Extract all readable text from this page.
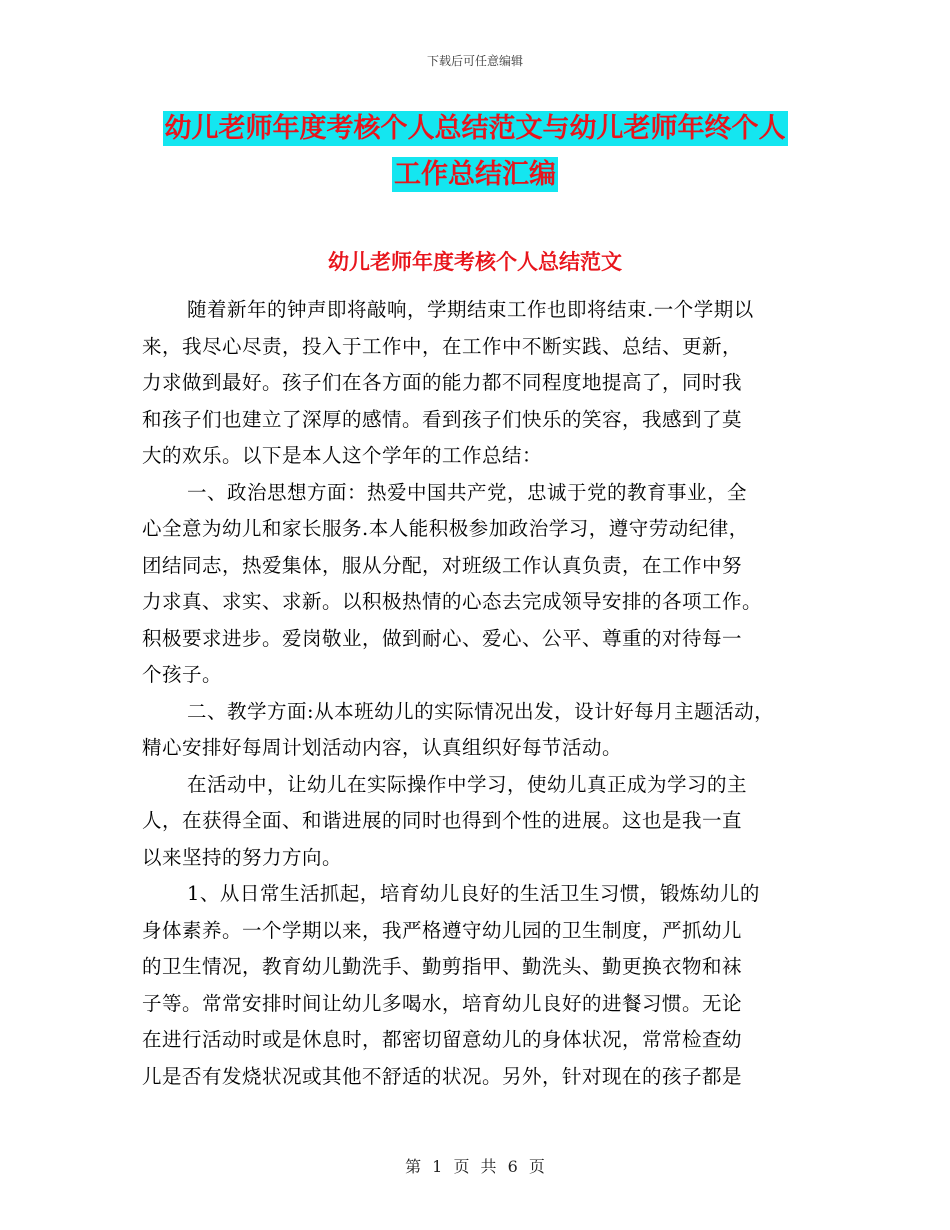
下载后可任意编辑
幼儿老师年度考核个人总结范文与幼儿老师年终个人
工作总结汇编
幼儿老师年度考核个人总结范文
随着新年的钟声即将敲响，学期结束工作也即将结束.一个学期以
来，我尽心尽责，投入于工作中，在工作中不断实践、总结、更新，
力求做到最好。孩子们在各方面的能力都不同程度地提高了，同时我
和孩子们也建立了深厚的感情。看到孩子们快乐的笑容，我感到了莫
大的欢乐。以下是本人这个学年的工作总结：
一、政治思想方面：热爱中国共产党，忠诚于党的教育事业，全
心全意为幼儿和家长服务.本人能积极参加政治学习，遵守劳动纪律，
团结同志，热爱集体，服从分配，对班级工作认真负责，在工作中努
力求真、求实、求新。以积极热情的心态去完成领导安排的各项工作。
积极要求进步。爱岗敬业，做到耐心、爱心、公平、尊重的对待每一
个孩子。
二、教学方面:从本班幼儿的实际情况出发，设计好每月主题活动，
精心安排好每周计划活动内容，认真组织好每节活动。
在活动中，让幼儿在实际操作中学习，使幼儿真正成为学习的主
人，在获得全面、和谐进展的同时也得到个性的进展。这也是我一直
以来坚持的努力方向。
1、从日常生活抓起，培育幼儿良好的生活卫生习惯，锻炼幼儿的
身体素养。一个学期以来，我严格遵守幼儿园的卫生制度，严抓幼儿
的卫生情况，教育幼儿勤洗手、勤剪指甲、勤洗头、勤更换衣物和袜
子等。常常安排时间让幼儿多喝水，培育幼儿良好的进餐习惯。无论
在进行活动时或是休息时，都密切留意幼儿的身体状况，常常检查幼
儿是否有发烧状况或其他不舒适的状况。另外，针对现在的孩子都是
第 1 页 共 6 页
